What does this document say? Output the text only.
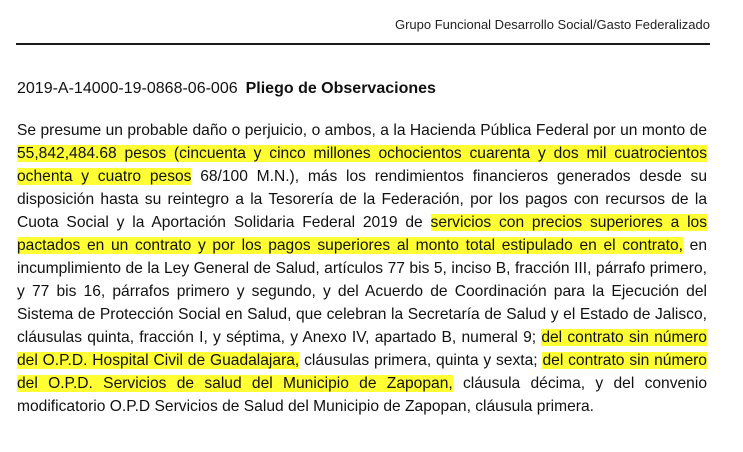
Grupo Funcional Desarrollo Social/Gasto Federalizado
2019-A-14000-19-0868-06-006 Pliego de Observaciones

Se presume un probable daño o perjuicio, o ambos, a la Hacienda Pública Federal por un monto de 55,842,484.68 pesos (cincuenta y cinco millones ochocientos cuarenta y dos mil cuatrocientos ochenta y cuatro pesos 68/100 M.N.), más los rendimientos financieros generados desde su disposición hasta su reintegro a la Tesorería de la Federación, por los pagos con recursos de la Cuota Social y la Aportación Solidaria Federal 2019 de servicios con precios superiores a los pactados en un contrato y por los pagos superiores al monto total estipulado en el contrato, en incumplimiento de la Ley General de Salud, artículos 77 bis 5, inciso B, fracción III, párrafo primero, y 77 bis 16, párrafos primero y segundo, y del Acuerdo de Coordinación para la Ejecución del Sistema de Protección Social en Salud, que celebran la Secretaría de Salud y el Estado de Jalisco, cláusulas quinta, fracción I, y séptima, y Anexo IV, apartado B, numeral 9; del contrato sin número del O.P.D. Hospital Civil de Guadalajara, cláusulas primera, quinta y sexta; del contrato sin número del O.P.D. Servicios de salud del Municipio de Zapopan, cláusula décima, y del convenio modificatorio O.P.D Servicios de Salud del Municipio de Zapopan, cláusula primera.
